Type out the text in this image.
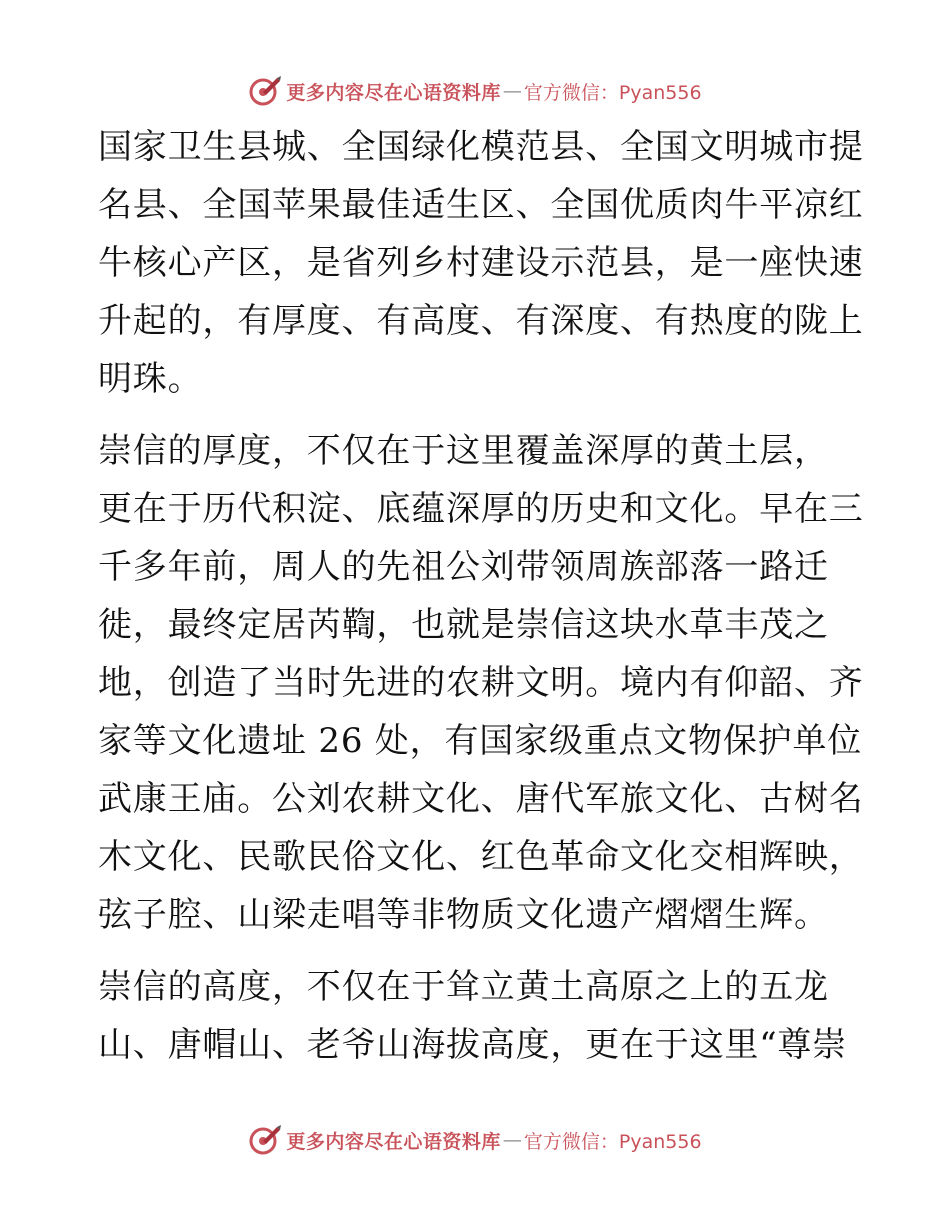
更多内容尽在心语资料库 — 官方微信：Pyan556
国家卫生县城、全国绿化模范县、全国文明城市提
名县、全国苹果最佳适生区、全国优质肉牛平凉红
牛核心产区，是省列乡村建设示范县，是一座快速
升起的，有厚度、有高度、有深度、有热度的陇上
明珠。
崇信的厚度，不仅在于这里覆盖深厚的黄土层，
更在于历代积淀、底蕴深厚的历史和文化。早在三
千多年前，周人的先祖公刘带领周族部落一路迁
徙，最终定居芮鞫，也就是崇信这块水草丰茂之
地，创造了当时先进的农耕文明。境内有仰韶、齐
家等文化遗址 26 处，有国家级重点文物保护单位
武康王庙。公刘农耕文化、唐代军旅文化、古树名
木文化、民歌民俗文化、红色革命文化交相辉映，
弦子腔、山梁走唱等非物质文化遗产熠熠生辉。
崇信的高度，不仅在于耸立黄土高原之上的五龙
山、唐帽山、老爷山海拔高度，更在于这里“尊崇
更多内容尽在心语资料库 — 官方微信：Pyan556
